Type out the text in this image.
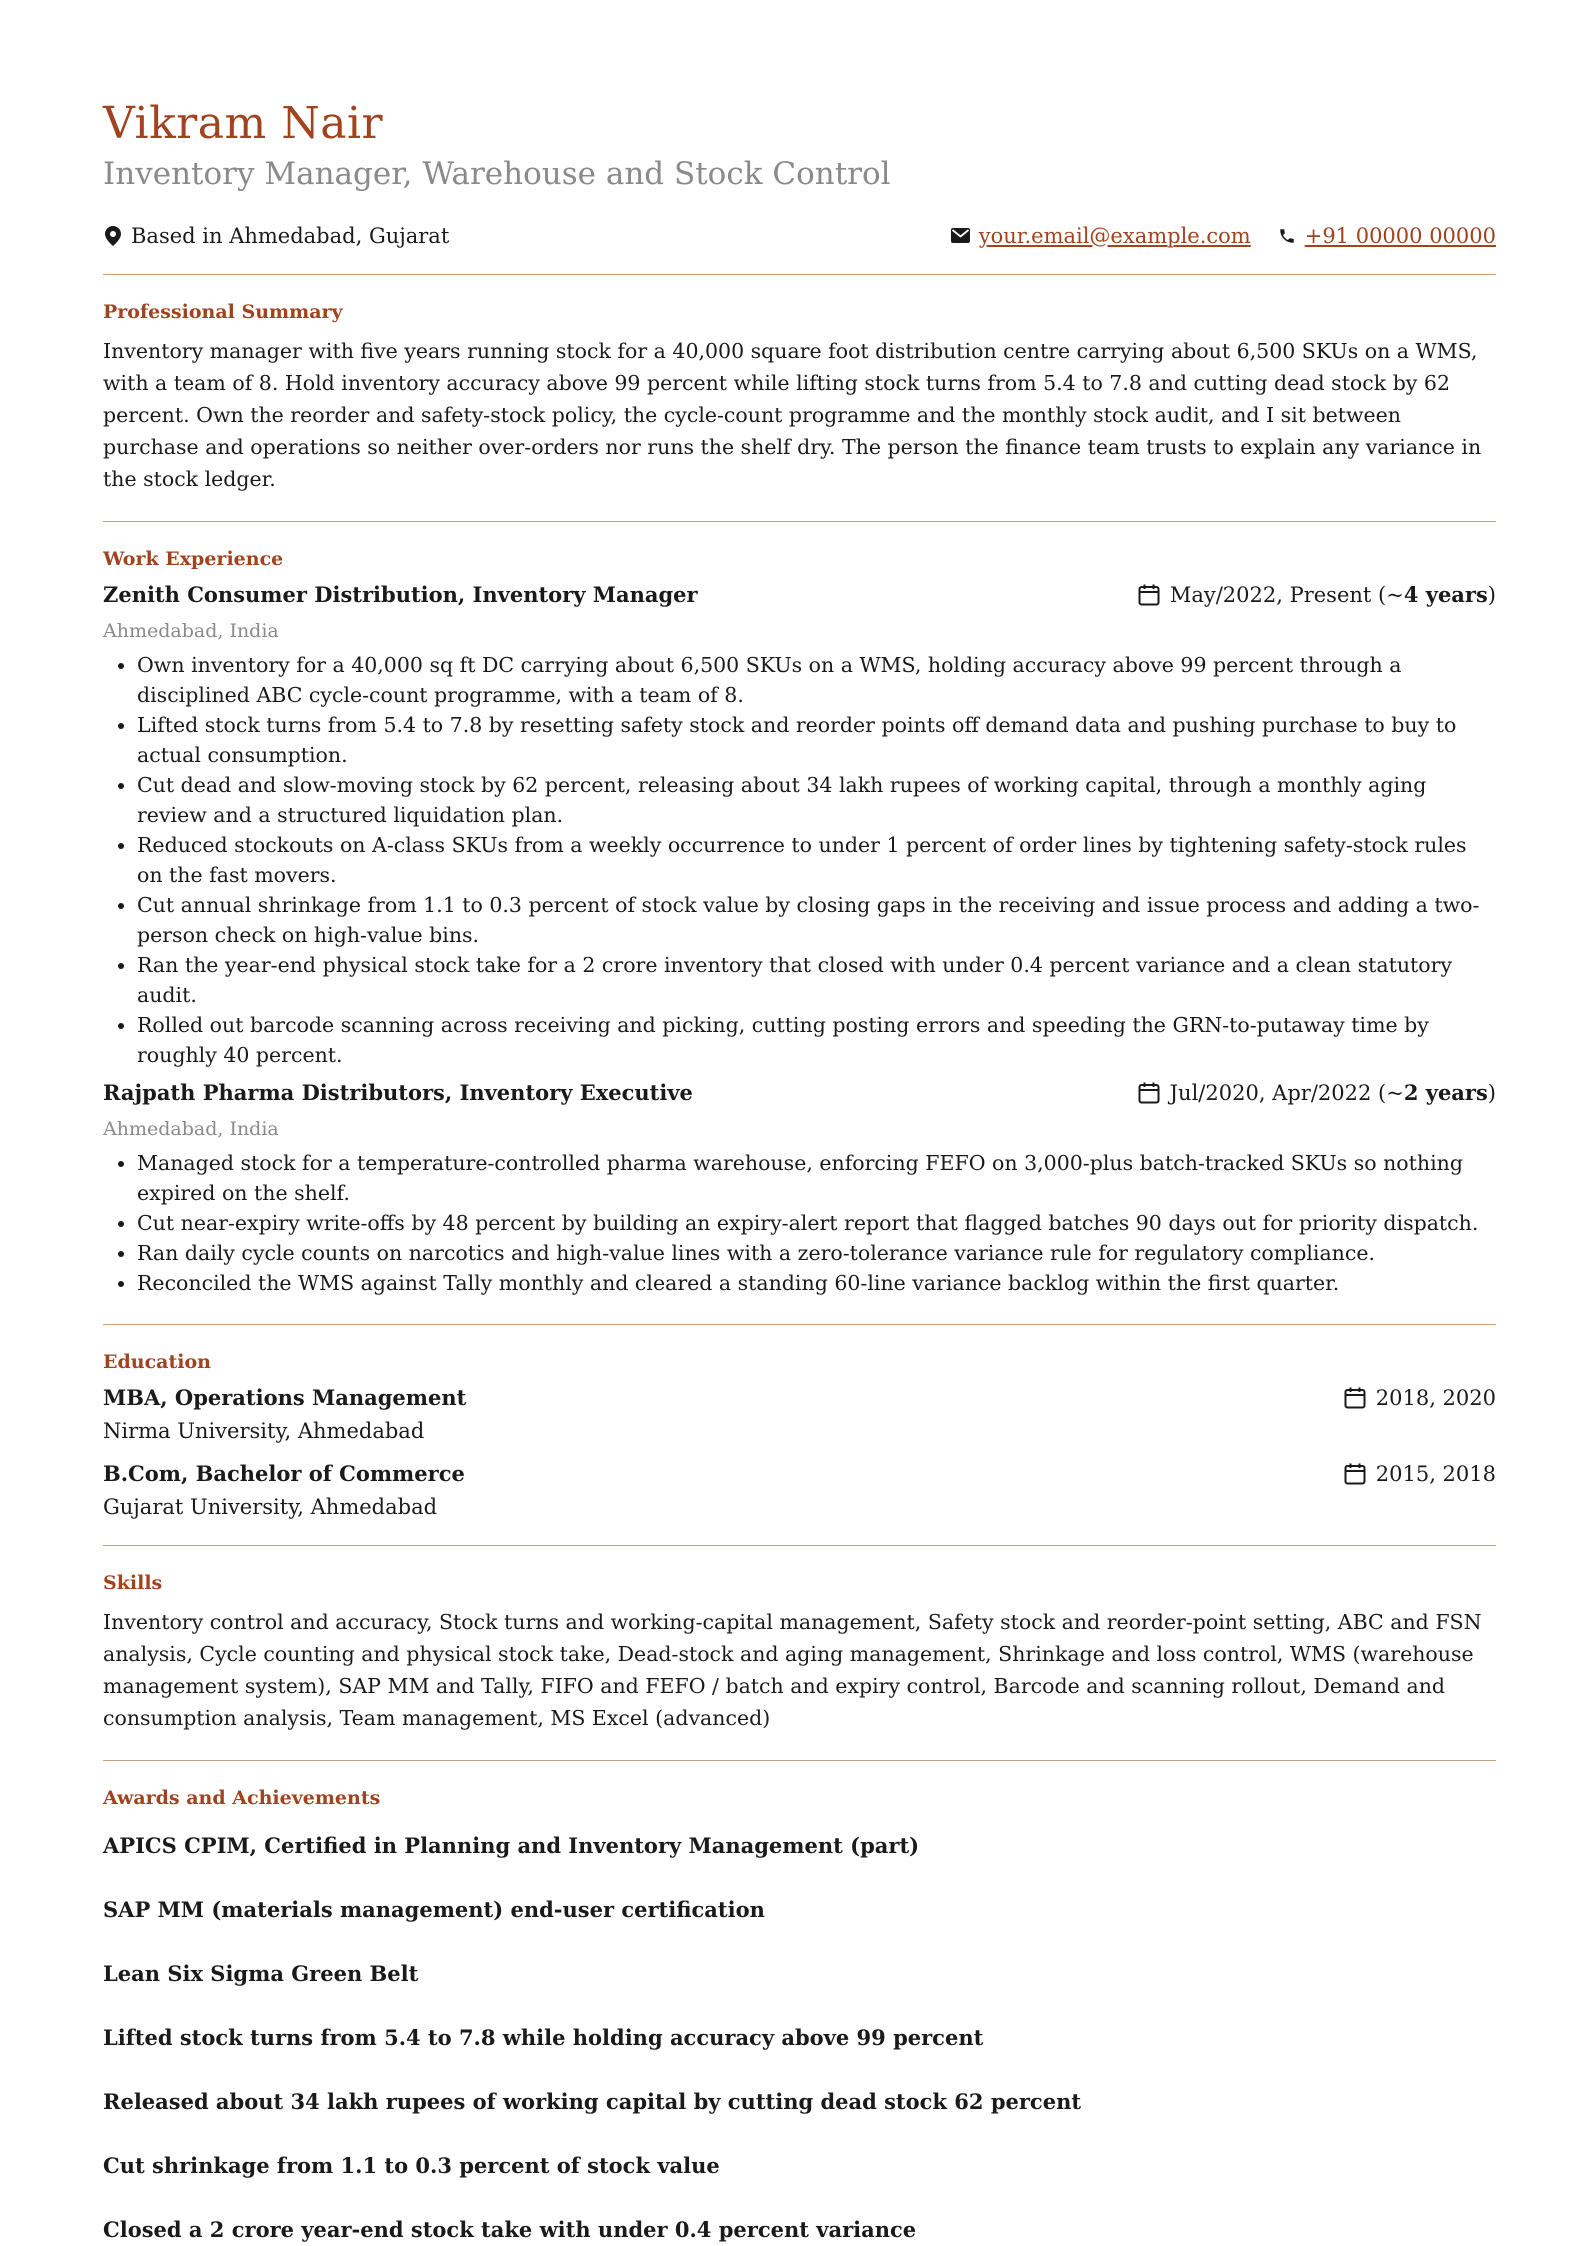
Vikram Nair
Inventory Manager, Warehouse and Stock Control
Based in Ahmedabad, Gujarat	your.email@example.com	+91 00000 00000
Professional Summary

Inventory manager with five years running stock for a 40,000 square foot distribution centre carrying about 6,500 SKUs on a WMS, with a team of 8. Hold inventory accuracy above 99 percent while lifting stock turns from 5.4 to 7.8 and cutting dead stock by 62 percent. Own the reorder and safety-stock policy, the cycle-count programme and the monthly stock audit, and I sit between purchase and operations so neither over-orders nor runs the shelf dry. The person the finance team trusts to explain any variance in the stock ledger.

Work Experience
Zenith Consumer Distribution, Inventory Manager	May/2022, Present (~ 4 years )
Ahmedabad, India
• Own inventory for a 40,000 sq ft DC carrying about 6,500 SKUs on a WMS, holding accuracy above 99 percent through a disciplined ABC cycle-count programme, with a team of 8.
• Lifted stock turns from 5.4 to 7.8 by resetting safety stock and reorder points off demand data and pushing purchase to buy to actual consumption.
• Cut dead and slow-moving stock by 62 percent, releasing about 34 lakh rupees of working capital, through a monthly aging review and a structured liquidation plan.
• Reduced stockouts on A-class SKUs from a weekly occurrence to under 1 percent of order lines by tightening safety-stock rules on the fast movers.
• Cut annual shrinkage from 1.1 to 0.3 percent of stock value by closing gaps in the receiving and issue process and adding a two-person check on high-value bins.
• Ran the year-end physical stock take for a 2 crore inventory that closed with under 0.4 percent variance and a clean statutory audit.
• Rolled out barcode scanning across receiving and picking, cutting posting errors and speeding the GRN-to-putaway time by roughly 40 percent.
Rajpath Pharma Distributors, Inventory Executive	Jul/2020, Apr/2022 (~ 2 years )
Ahmedabad, India
• Managed stock for a temperature-controlled pharma warehouse, enforcing FEFO on 3,000-plus batch-tracked SKUs so nothing expired on the shelf.
• Cut near-expiry write-offs by 48 percent by building an expiry-alert report that flagged batches 90 days out for priority dispatch.
• Ran daily cycle counts on narcotics and high-value lines with a zero-tolerance variance rule for regulatory compliance.
• Reconciled the WMS against Tally monthly and cleared a standing 60-line variance backlog within the first quarter.
Education
MBA, Operations Management	2018, 2020
Nirma University, Ahmedabad
B.Com, Bachelor of Commerce	2015, 2018
Gujarat University, Ahmedabad
Skills

Inventory control and accuracy, Stock turns and working-capital management, Safety stock and reorder-point setting, ABC and FSN analysis, Cycle counting and physical stock take, Dead-stock and aging management, Shrinkage and loss control, WMS (warehouse management system), SAP MM and Tally, FIFO and FEFO / batch and expiry control, Barcode and scanning rollout, Demand and consumption analysis, Team management, MS Excel (advanced)

Awards and Achievements

APICS CPIM, Certified in Planning and Inventory Management (part)

SAP MM (materials management) end-user certification

Lean Six Sigma Green Belt

Lifted stock turns from 5.4 to 7.8 while holding accuracy above 99 percent

Released about 34 lakh rupees of working capital by cutting dead stock 62 percent

Cut shrinkage from 1.1 to 0.3 percent of stock value

Closed a 2 crore year-end stock take with under 0.4 percent variance
